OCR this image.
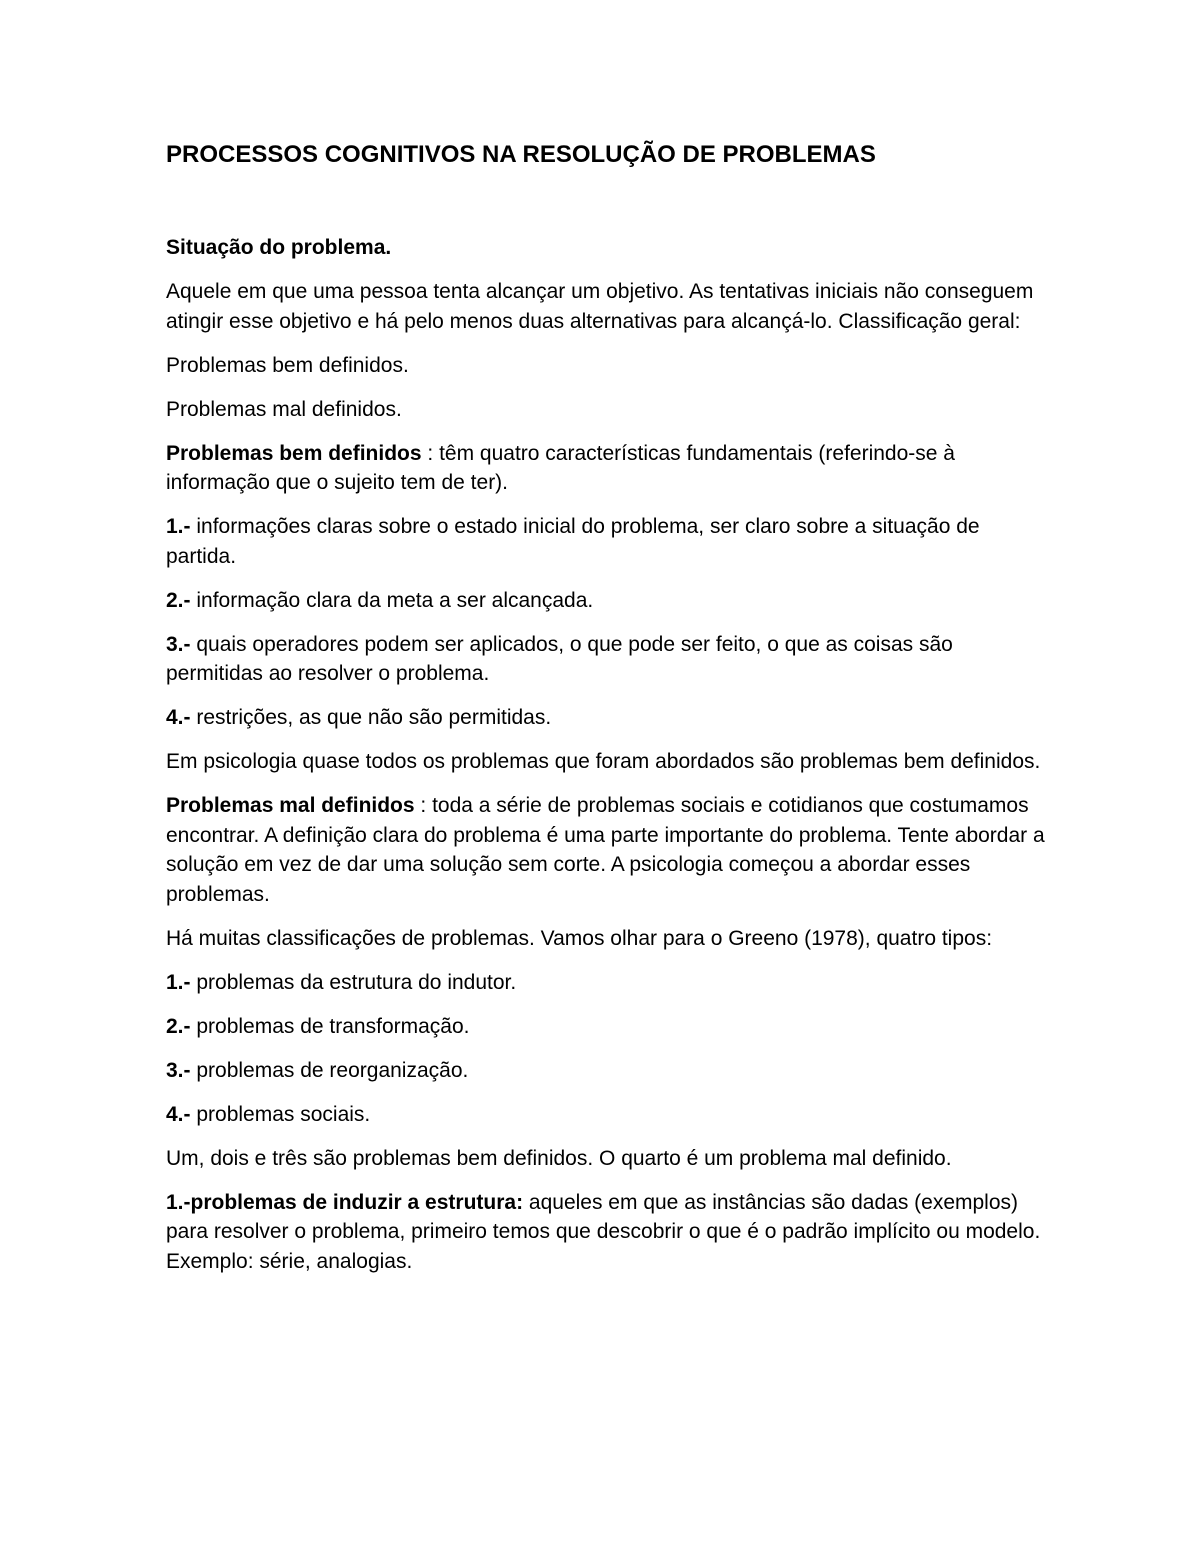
PROCESSOS COGNITIVOS NA RESOLUÇÃO DE PROBLEMAS

Situação do problema.

Aquele em que uma pessoa tenta alcançar um objetivo. As tentativas iniciais não conseguem atingir esse objetivo e há pelo menos duas alternativas para alcançá-lo. Classificação geral:

Problemas bem definidos.

Problemas mal definidos.

Problemas bem definidos : têm quatro características fundamentais (referindo-se à informação que o sujeito tem de ter).

1.- informações claras sobre o estado inicial do problema, ser claro sobre a situação de partida.

2.- informação clara da meta a ser alcançada.

3.- quais operadores podem ser aplicados, o que pode ser feito, o que as coisas são permitidas ao resolver o problema.

4.- restrições, as que não são permitidas.

Em psicologia quase todos os problemas que foram abordados são problemas bem definidos.

Problemas mal definidos : toda a série de problemas sociais e cotidianos que costumamos encontrar. A definição clara do problema é uma parte importante do problema. Tente abordar a solução em vez de dar uma solução sem corte. A psicologia começou a abordar esses problemas.

Há muitas classificações de problemas. Vamos olhar para o Greeno (1978), quatro tipos:

1.- problemas da estrutura do indutor.

2.- problemas de transformação.

3.- problemas de reorganização.

4.- problemas sociais.

Um, dois e três são problemas bem definidos. O quarto é um problema mal definido.

1.-problemas de induzir a estrutura: aqueles em que as instâncias são dadas (exemplos) para resolver o problema, primeiro temos que descobrir o que é o padrão implícito ou modelo. Exemplo: série, analogias.
